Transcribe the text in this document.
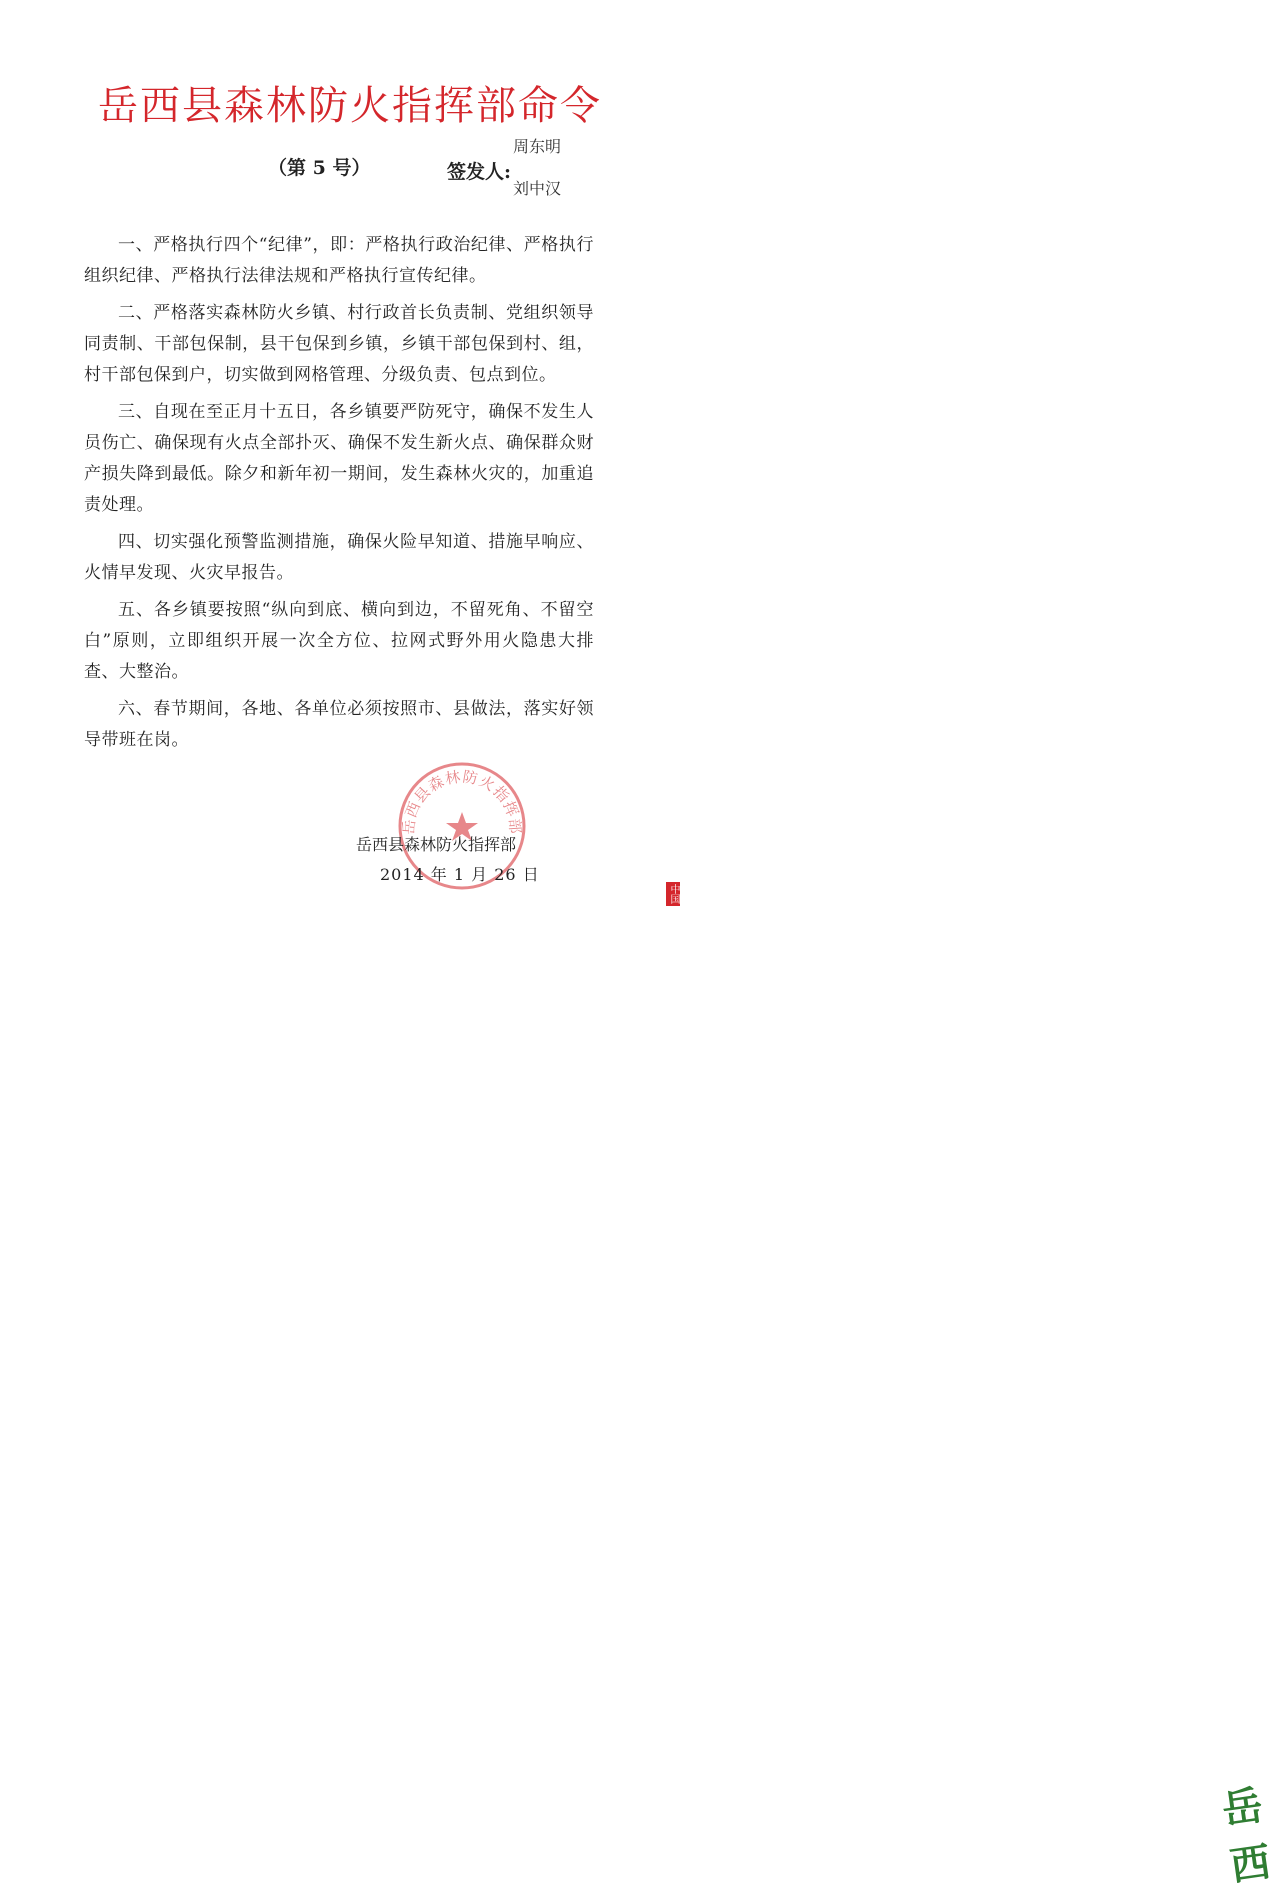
岳西县森林防火指挥部命令
（第 5 号）	签发人:
周东明
刘中汉

一、严格执行四个“纪律”，即：严格执行政治纪律、严格执行组织纪律、严格执行法律法规和严格执行宣传纪律。

二、严格落实森林防火乡镇、村行政首长负责制、党组织领导同责制、干部包保制，县干包保到乡镇，乡镇干部包保到村、组，村干部包保到户，切实做到网格管理、分级负责、包点到位。

三、自现在至正月十五日，各乡镇要严防死守，确保不发生人员伤亡、确保现有火点全部扑灭、确保不发生新火点、确保群众财产损失降到最低。除夕和新年初一期间，发生森林火灾的，加重追责处理。

四、切实强化预警监测措施，确保火险早知道、措施早响应、火情早发现、火灾早报告。

五、各乡镇要按照“纵向到底、横向到边，不留死角、不留空白”原则，立即组织开展一次全方位、拉网式野外用火隐患大排查、大整治。

六、春节期间，各地、各单位必须按照市、县做法，落实好领导带班在岗。

岳西县森林防火指挥部
岳西县森林防火指挥部
2014 年 1 月 26 日
岳西
中国
